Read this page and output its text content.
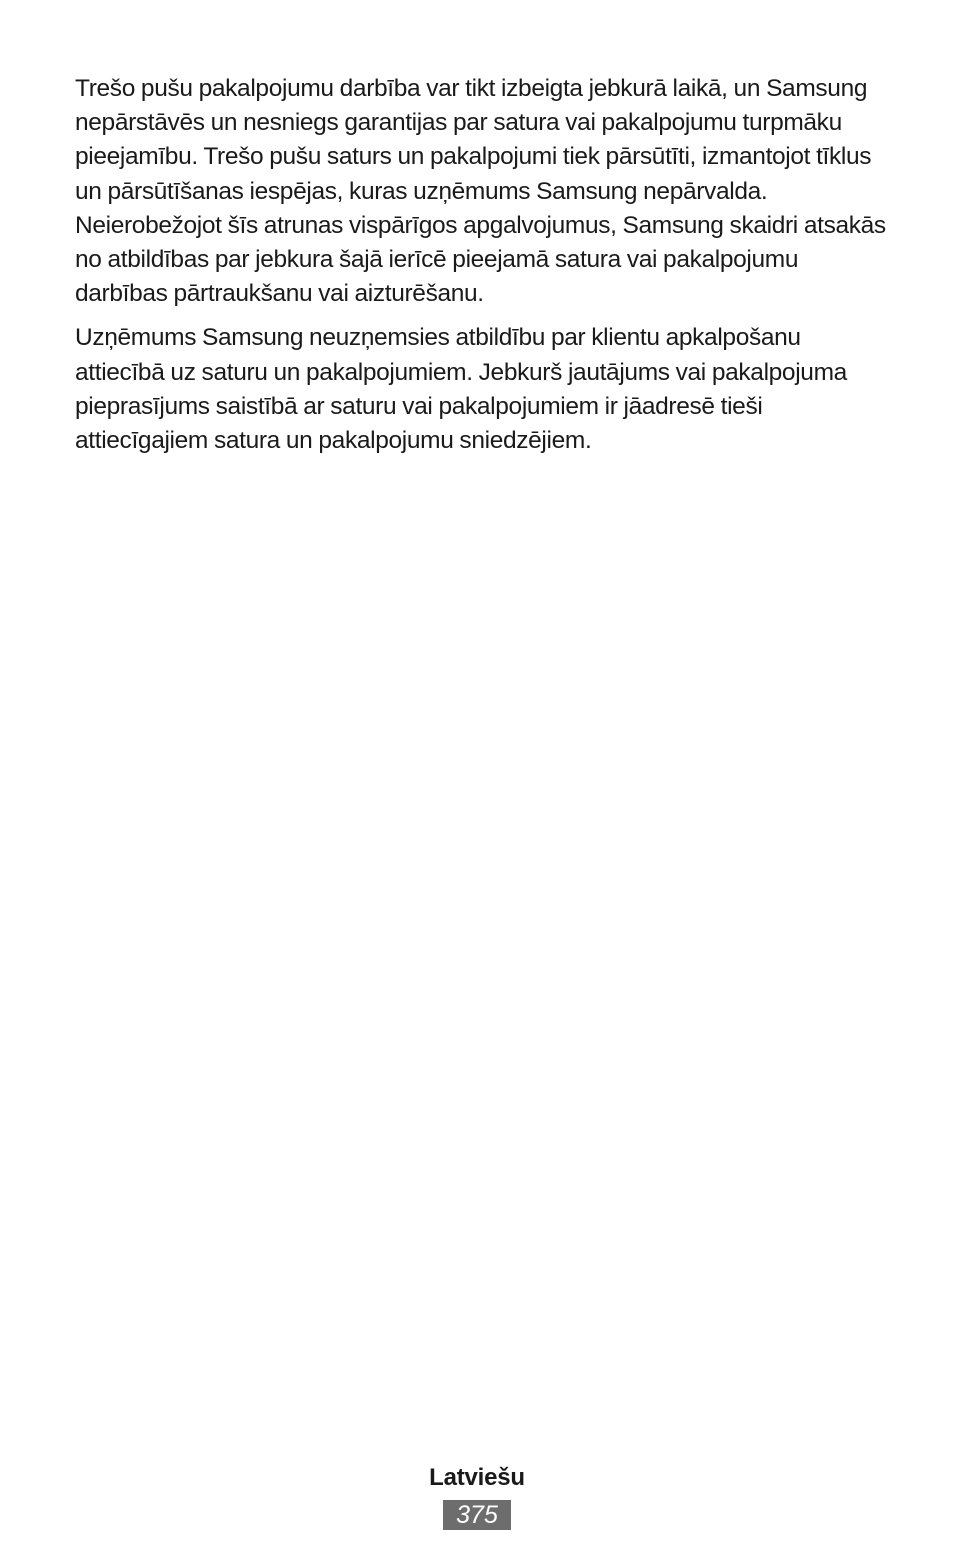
Trešo pušu pakalpojumu darbība var tikt izbeigta jebkurā laikā, un Samsung nepārstāvēs un nesniegs garantijas par satura vai pakalpojumu turpmāku pieejamību. Trešo pušu saturs un pakalpojumi tiek pārsūtīti, izmantojot tīklus un pārsūtīšanas iespējas, kuras uzņēmums Samsung nepārvalda. Neierobežojot šīs atrunas vispārīgos apgalvojumus, Samsung skaidri atsakās no atbildības par jebkura šajā ierīcē pieejamā satura vai pakalpojumu darbības pārtraukšanu vai aizturēšanu.

Uzņēmums Samsung neuzņemsies atbildību par klientu apkalpošanu attiecībā uz saturu un pakalpojumiem. Jebkurš jautājums vai pakalpojuma pieprasījums saistībā ar saturu vai pakalpojumiem ir jāadresē tieši attiecīgajiem satura un pakalpojumu sniedzējiem.

Latviešu
375
